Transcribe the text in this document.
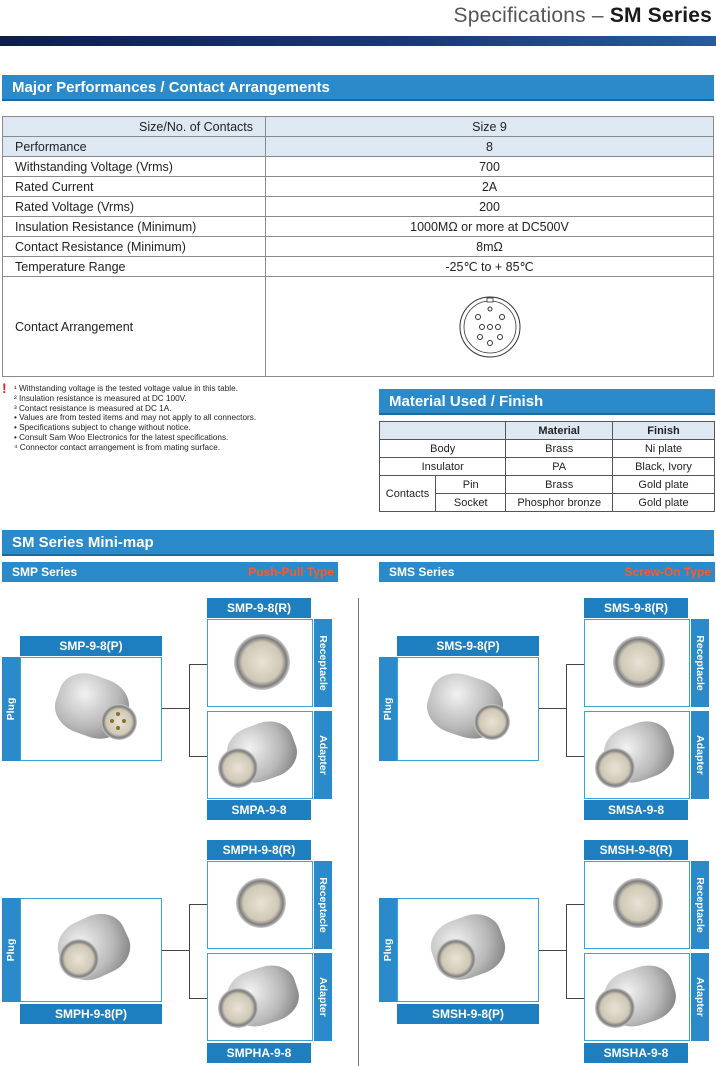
Specifications – SM Series
Major Performances / Contact Arrangements
Size/No. of Contacts	Size 9
Performance	8
Withstanding Voltage (Vrms)	700
Rated Current	2A
Rated Voltage (Vrms)	200
Insulation Resistance (Minimum)	1000MΩ or more at DC500V
Contact Resistance (Minimum)	8mΩ
Temperature Range	-25℃ to + 85℃
Contact Arrangement	
! ¹ Withstanding voltage is the tested voltage value in this table.
² Insulation resistance is measured at DC 100V.
³ Contact resistance is measured at DC 1A.
• Values are from tested items and may not apply to all connectors.
• Specifications subject to change without notice.
• Consult Sam Woo Electronics for the latest specifications.
⁴ Connector contact arrangement is from mating surface.
Material Used / Finish
		Material	Finish
Body		Brass	Ni plate
Insulator		PA	Black, Ivory
Contacts	Pin	Brass	Gold plate
	Socket	Phosphor bronze	Gold plate
SM Series Mini-map
SMP Series	Push-Pull Type	SMS Series	Screw-On Type
SMP-9-8(P)
Plug
SMP-9-8(R)
Receptacle
Adapter
SMPA-9-8
SMPH-9-8(R)
Receptacle
Plug
SMPH-9-8(P)	Adapter
SMPHA-9-8
SMS-9-8(P)
Plug
SMS-9-8(R)
Receptacle
Adapter
SMSA-9-8
SMSH-9-8(R)
Receptacle
Plug
SMSH-9-8(P)	Adapter
SMSHA-9-8
